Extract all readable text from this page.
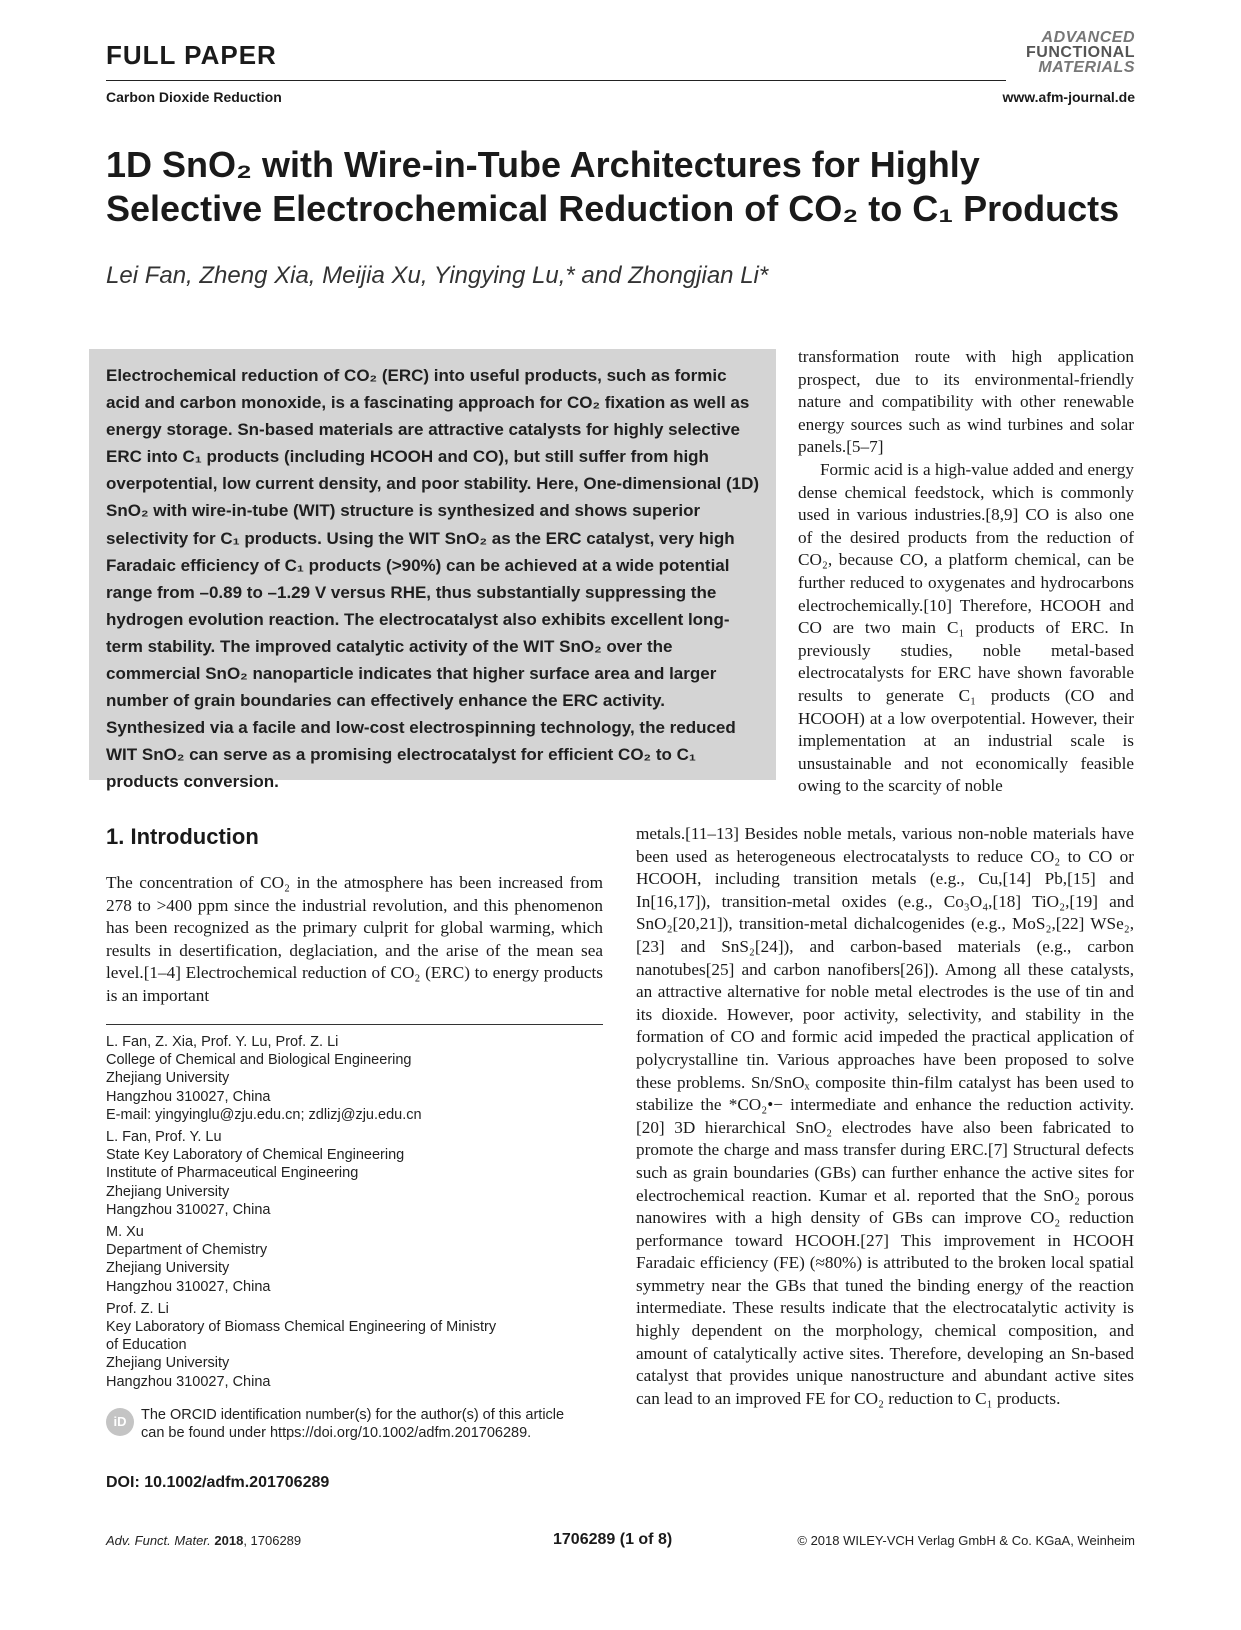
FULL PAPER
Carbon Dioxide Reduction
ADVANCED
FUNCTIONAL
MATERIALS
www.afm-journal.de
1D SnO₂ with Wire-in-Tube Architectures for Highly
Selective Electrochemical Reduction of CO₂ to C₁ Products
Lei Fan, Zheng Xia, Meijia Xu, Yingying Lu,* and Zhongjian Li*
Electrochemical reduction of CO₂ (ERC) into useful products, such as formic acid and carbon monoxide, is a fascinating approach for CO₂ fixation as well as energy storage. Sn-based materials are attractive catalysts for highly selective ERC into C₁ products (including HCOOH and CO), but still suffer from high overpotential, low current density, and poor stability. Here, One-dimensional (1D) SnO₂ with wire-in-tube (WIT) structure is synthesized and shows superior selectivity for C₁ products. Using the WIT SnO₂ as the ERC catalyst, very high Faradaic efficiency of C₁ products (>90%) can be achieved at a wide potential range from –0.89 to –1.29 V versus RHE, thus substantially suppressing the hydrogen evolution reaction. The electrocatalyst also exhibits excellent long-term stability. The improved catalytic activity of the WIT SnO₂ over the commercial SnO₂ nanoparticle indicates that higher surface area and larger number of grain boundaries can effectively enhance the ERC activity. Synthesized via a facile and low-cost electrospinning technology, the reduced WIT SnO₂ can serve as a promising electrocatalyst for efficient CO₂ to C₁ products conversion.
transformation route with high application prospect, due to its environmental-friendly nature and compatibility with other renewable energy sources such as wind turbines and solar panels.[5–7]
Formic acid is a high-value added and energy dense chemical feedstock, which is commonly used in various industries.[8,9] CO is also one of the desired products from the reduction of CO₂, because CO, a platform chemical, can be further reduced to oxygenates and hydrocarbons electrochemically.[10] Therefore, HCOOH and CO are two main C₁ products of ERC. In previously studies, noble metal-based electrocatalysts for ERC have shown favorable results to generate C₁ products (CO and HCOOH) at a low overpotential. However, their implementation at an industrial scale is unsustainable and not economically feasible owing to the scarcity of noble
1. Introduction
The concentration of CO₂ in the atmosphere has been increased from 278 to >400 ppm since the industrial revolution, and this phenomenon has been recognized as the primary culprit for global warming, which results in desertification, deglaciation, and the arise of the mean sea level.[1–4] Electrochemical reduction of CO₂ (ERC) to energy products is an important
metals.[11–13] Besides noble metals, various non-noble materials have been used as heterogeneous electrocatalysts to reduce CO₂ to CO or HCOOH, including transition metals (e.g., Cu,[14] Pb,[15] and In[16,17]), transition-metal oxides (e.g., Co₃O₄,[18] TiO₂,[19] and SnO₂[20,21]), transition-metal dichalcogenides (e.g., MoS₂,[22] WSe₂,[23] and SnS₂[24]), and carbon-based materials (e.g., carbon nanotubes[25] and carbon nanofibers[26]). Among all these catalysts, an attractive alternative for noble metal electrodes is the use of tin and its dioxide. However, poor activity, selectivity, and stability in the formation of CO and formic acid impeded the practical application of polycrystalline tin. Various approaches have been proposed to solve these problems. Sn/SnOₓ composite thin-film catalyst has been used to stabilize the *CO₂•− intermediate and enhance the reduction activity.[20] 3D hierarchical SnO₂ electrodes have also been fabricated to promote the charge and mass transfer during ERC.[7] Structural defects such as grain boundaries (GBs) can further enhance the active sites for electrochemical reaction. Kumar et al. reported that the SnO₂ porous nanowires with a high density of GBs can improve CO₂ reduction performance toward HCOOH.[27] This improvement in HCOOH Faradaic efficiency (FE) (≈80%) is attributed to the broken local spatial symmetry near the GBs that tuned the binding energy of the reaction intermediate. These results indicate that the electrocatalytic activity is highly dependent on the morphology, chemical composition, and amount of catalytically active sites. Therefore, developing an Sn-based catalyst that provides unique nanostructure and abundant active sites can lead to an improved FE for CO₂ reduction to C₁ products.
L. Fan, Z. Xia, Prof. Y. Lu, Prof. Z. Li
College of Chemical and Biological Engineering
Zhejiang University
Hangzhou 310027, China
E-mail: yingyinglu@zju.edu.cn; zdlizj@zju.edu.cn
L. Fan, Prof. Y. Lu
State Key Laboratory of Chemical Engineering
Institute of Pharmaceutical Engineering
Zhejiang University
Hangzhou 310027, China
M. Xu
Department of Chemistry
Zhejiang University
Hangzhou 310027, China
Prof. Z. Li
Key Laboratory of Biomass Chemical Engineering of Ministry
of Education
Zhejiang University
Hangzhou 310027, China
iD	The ORCID identification number(s) for the author(s) of this article
can be found under https://doi.org/10.1002/adfm.201706289.
DOI: 10.1002/adfm.201706289
Adv. Funct. Mater. 2018, 1706289	1706289 (1 of 8)	© 2018 WILEY-VCH Verlag GmbH & Co. KGaA, Weinheim
